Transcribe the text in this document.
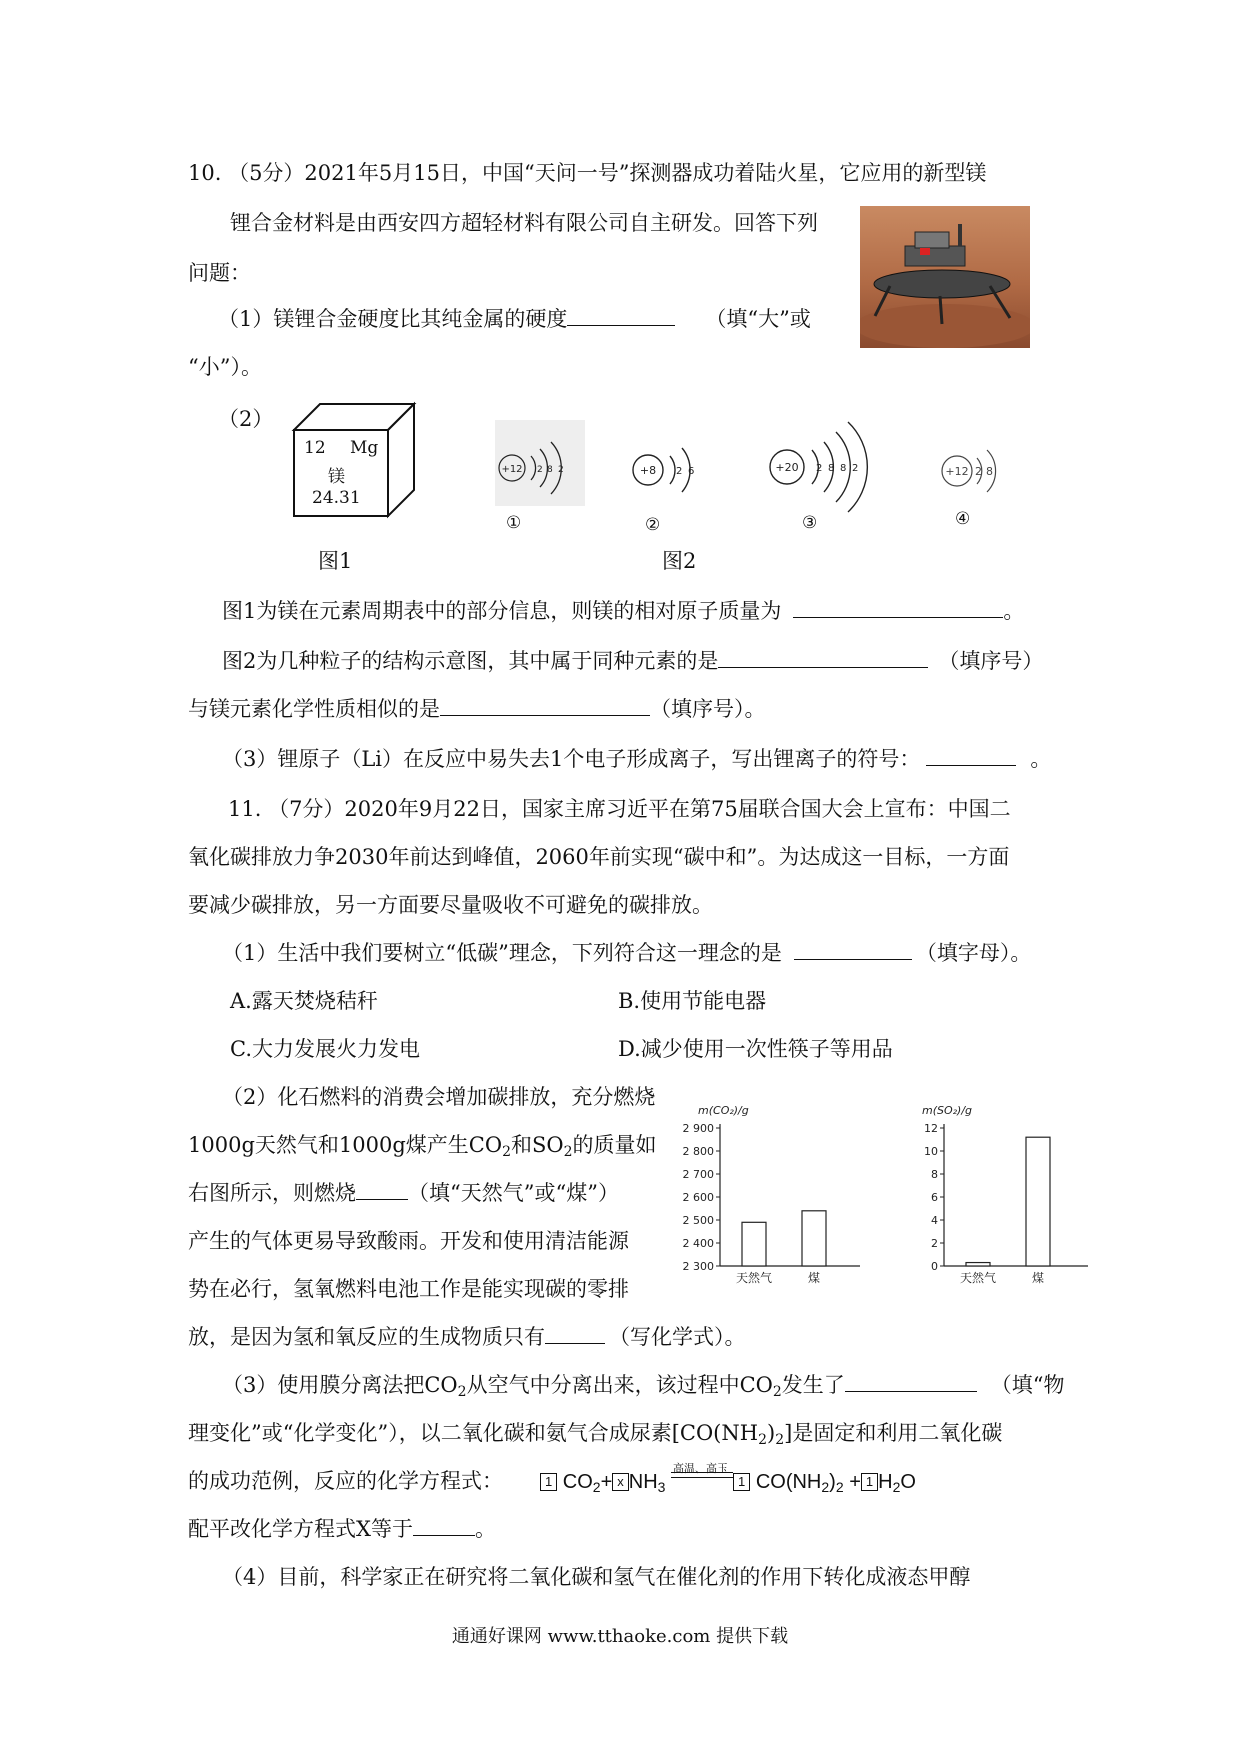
10. （5分）2021年5月15日，中国“天问一号”探测器成功着陆火星，它应用的新型镁
锂合金材料是由西安四方超轻材料有限公司自主研发。回答下列
问题：
（1）镁锂合金硬度比其纯金属的硬度	（填“大”或
“小”）。
（2）
12 Mg
镁
24.31
+12 2 8 2
①
+8 2 6
②
+20 2 8 8 2
③
+12 2 8
④
图1	图2
图1为镁在元素周期表中的部分信息，则镁的相对原子质量为	。
图2为几种粒子的结构示意图，其中属于同种元素的是	（填序号）
与镁元素化学性质相似的是	（填序号）。
（3）锂原子（Li）在反应中易失去1个电子形成离子，写出锂离子的符号：	。
11. （7分）2020年9月22日，国家主席习近平在第75届联合国大会上宣布：中国二
氧化碳排放力争2030年前达到峰值，2060年前实现“碳中和”。为达成这一目标，一方面
要减少碳排放，另一方面要尽量吸收不可避免的碳排放。
（1）生活中我们要树立“低碳”理念，下列符合这一理念的是	（填字母）。
A.露天焚烧秸秆	B.使用节能电器
C.大力发展火力发电	D.减少使用一次性筷子等用品
（2）化石燃料的消费会增加碳排放，充分燃烧
1000g天然气和1000g煤产生$CO_2$和$SO_2$的质量如
右图所示，则燃烧 （填“天然气”或“煤”）
产生的气体更易导致酸雨。开发和使用清洁能源
势在必行，氢氧燃料电池工作是能实现碳的零排
放，是因为氢和氧反应的生成物质只有	（写化学式）。
m(CO₂)/g
2 900
2 800
2 700
2 600
2 500
2 400
2 300
天然气	煤
m(SO₂)/g
12
10
8
6
4
2
0
天然气	煤
（3）使用膜分离法把$CO_2$从空气中分离出来，该过程中$CO_2$发生了	（填“物
理变化”或“化学变化”），以二氧化碳和氨气合成尿素$[CO(NH_2)_2]$是固定和利用二氧化碳
的成功范例，反应的化学方程式：	1 $CO_2+ x$ $NH_3$
高温、高玉
1 $CO(NH_2)_2 + 1$ $H_2O$
配平改化学方程式X等于	。
（4）目前，科学家正在研究将二氧化碳和氢气在催化剂的作用下转化成液态甲醇
通通好课网 www.tthaoke.com 提供下载
